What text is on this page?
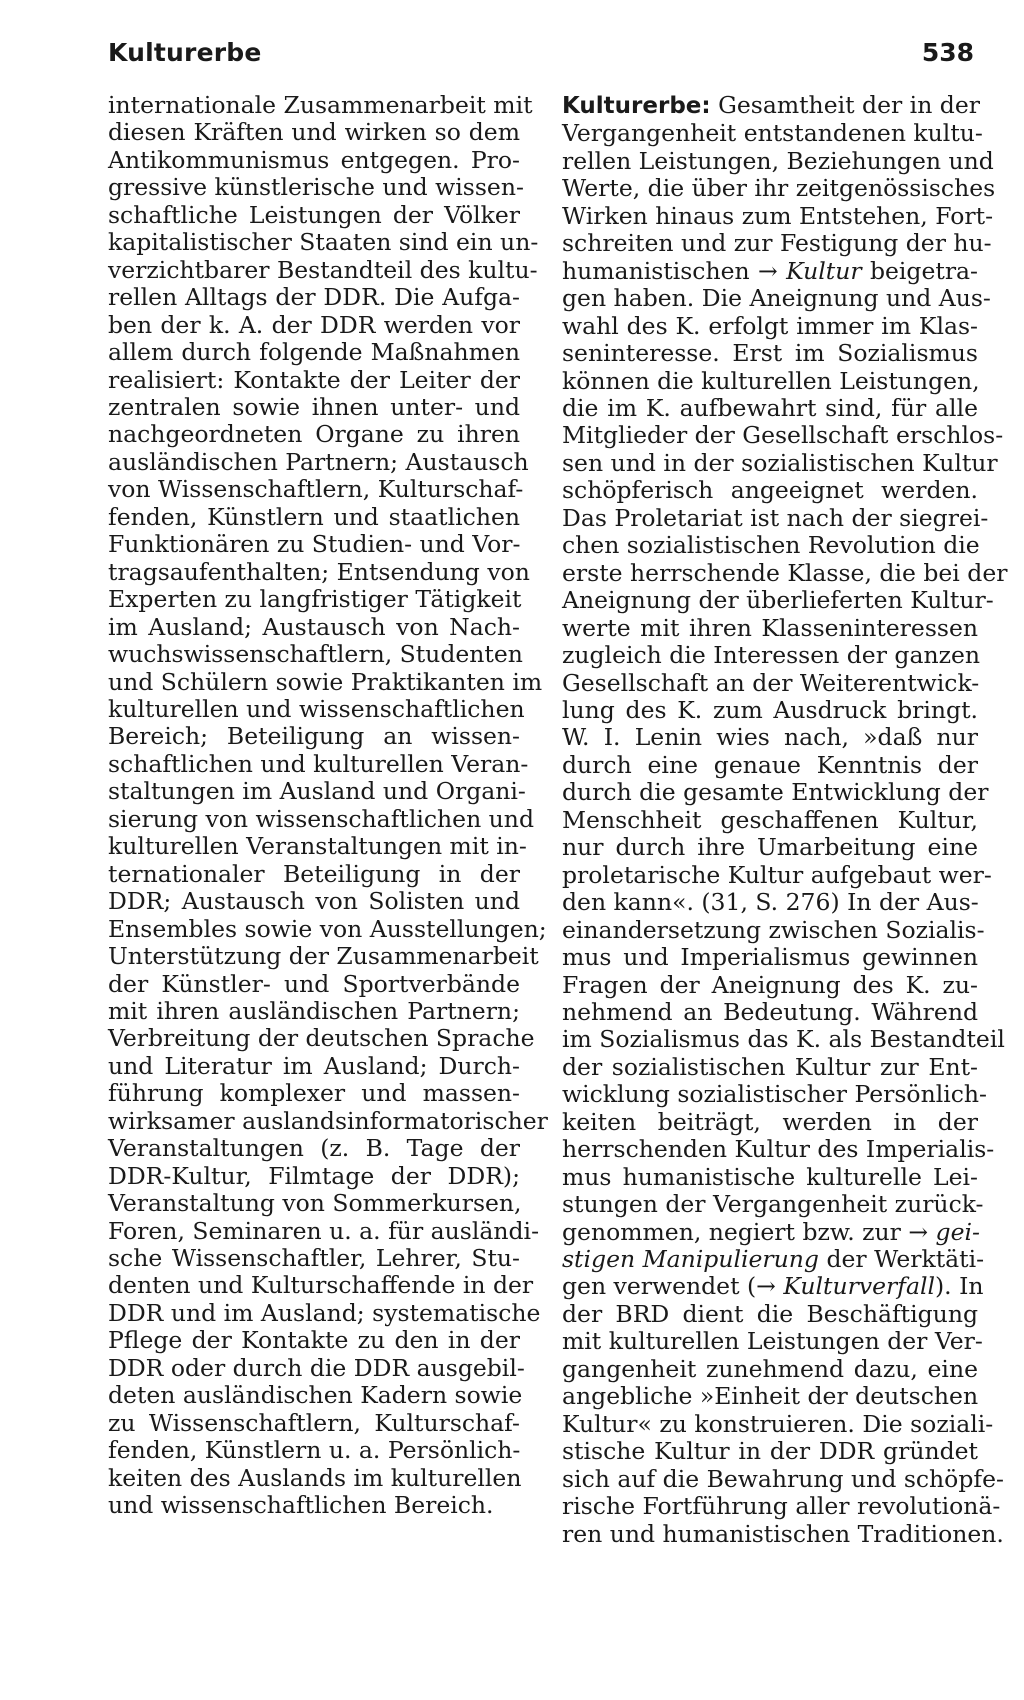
Kulturerbe	538
internationale Zusammenarbeit mit
diesen Kräften und wirken so dem
Antikommunismus entgegen. Pro-
gressive künstlerische und wissen-
schaftliche Leistungen der Völker
kapitalistischer Staaten sind ein un-
verzichtbarer Bestandteil des kultu-
rellen Alltags der DDR. Die Aufga-
ben der k. A. der DDR werden vor
allem durch folgende Maßnahmen
realisiert: Kontakte der Leiter der
zentralen sowie ihnen unter- und
nachgeordneten Organe zu ihren
ausländischen Partnern; Austausch
von Wissenschaftlern, Kulturschaf-
fenden, Künstlern und staatlichen
Funktionären zu Studien- und Vor-
tragsaufenthalten; Entsendung von
Experten zu langfristiger Tätigkeit
im Ausland; Austausch von Nach-
wuchswissenschaftlern, Studenten
und Schülern sowie Praktikanten im
kulturellen und wissenschaftlichen
Bereich; Beteiligung an wissen-
schaftlichen und kulturellen Veran-
staltungen im Ausland und Organi-
sierung von wissenschaftlichen und
kulturellen Veranstaltungen mit in-
ternationaler Beteiligung in der
DDR; Austausch von Solisten und
Ensembles sowie von Ausstellungen;
Unterstützung der Zusammenarbeit
der Künstler- und Sportverbände
mit ihren ausländischen Partnern;
Verbreitung der deutschen Sprache
und Literatur im Ausland; Durch-
führung komplexer und massen-
wirksamer auslandsinformatorischer
Veranstaltungen (z. B. Tage der
DDR-Kultur, Filmtage der DDR);
Veranstaltung von Sommerkursen,
Foren, Seminaren u. a. für ausländi-
sche Wissenschaftler, Lehrer, Stu-
denten und Kulturschaffende in der
DDR und im Ausland; systematische
Pflege der Kontakte zu den in der
DDR oder durch die DDR ausgebil-
deten ausländischen Kadern sowie
zu Wissenschaftlern, Kulturschaf-
fenden, Künstlern u. a. Persönlich-
keiten des Auslands im kulturellen
und wissenschaftlichen Bereich.
Kulturerbe: Gesamtheit der in der
Vergangenheit entstandenen kultu-
rellen Leistungen, Beziehungen und
Werte, die über ihr zeitgenössisches
Wirken hinaus zum Entstehen, Fort-
schreiten und zur Festigung der hu-
humanistischen → Kultur beigetra-
gen haben. Die Aneignung und Aus-
wahl des K. erfolgt immer im Klas-
seninteresse. Erst im Sozialismus
können die kulturellen Leistungen,
die im K. aufbewahrt sind, für alle
Mitglieder der Gesellschaft erschlos-
sen und in der sozialistischen Kultur
schöpferisch angeeignet werden.
Das Proletariat ist nach der siegrei-
chen sozialistischen Revolution die
erste herrschende Klasse, die bei der
Aneignung der überlieferten Kultur-
werte mit ihren Klasseninteressen
zugleich die Interessen der ganzen
Gesellschaft an der Weiterentwick-
lung des K. zum Ausdruck bringt.
W. I. Lenin wies nach, »daß nur
durch eine genaue Kenntnis der
durch die gesamte Entwicklung der
Menschheit geschaffenen Kultur,
nur durch ihre Umarbeitung eine
proletarische Kultur aufgebaut wer-
den kann«. (31, S. 276) In der Aus-
einandersetzung zwischen Sozialis-
mus und Imperialismus gewinnen
Fragen der Aneignung des K. zu-
nehmend an Bedeutung. Während
im Sozialismus das K. als Bestandteil
der sozialistischen Kultur zur Ent-
wicklung sozialistischer Persönlich-
keiten beiträgt, werden in der
herrschenden Kultur des Imperialis-
mus humanistische kulturelle Lei-
stungen der Vergangenheit zurück-
genommen, negiert bzw. zur → gei-
stigen Manipulierung der Werktäti-
gen verwendet (→ Kulturverfall). In
der BRD dient die Beschäftigung
mit kulturellen Leistungen der Ver-
gangenheit zunehmend dazu, eine
angebliche »Einheit der deutschen
Kultur« zu konstruieren. Die soziali-
stische Kultur in der DDR gründet
sich auf die Bewahrung und schöpfe-
rische Fortführung aller revolutionä-
ren und humanistischen Traditionen.
